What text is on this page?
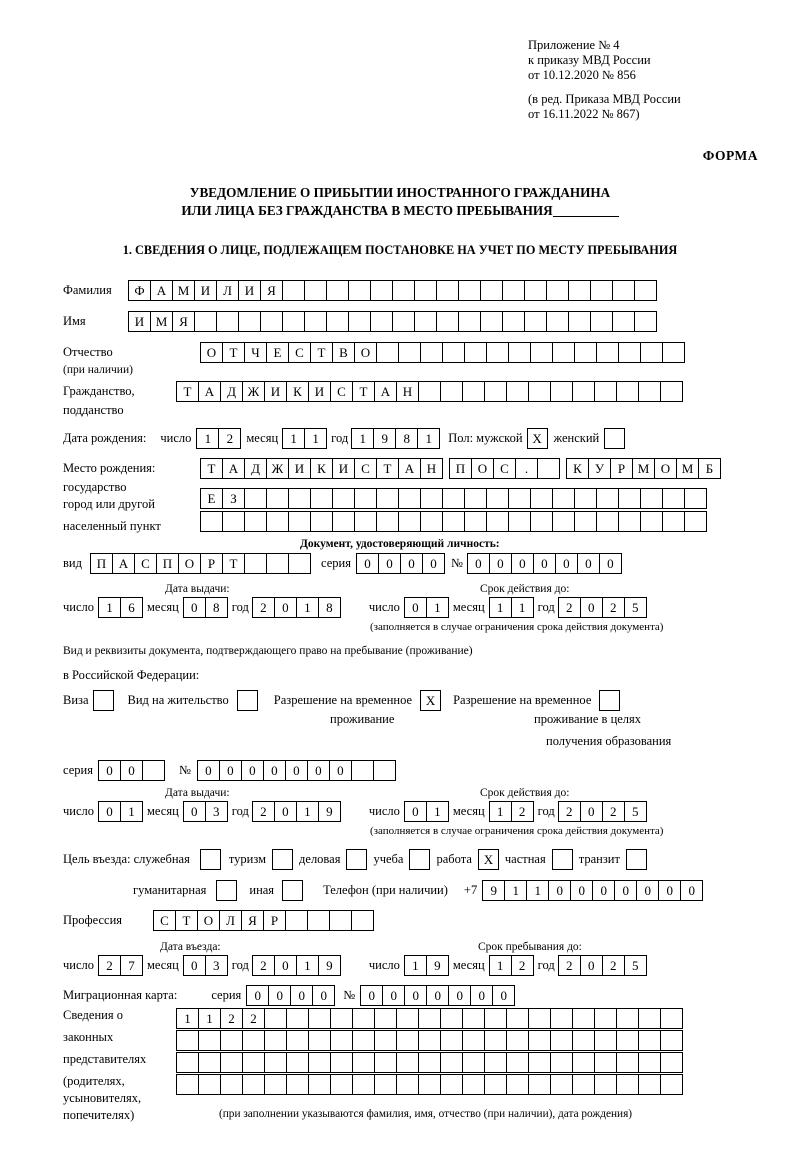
Приложение № 4
к приказу МВД России
от 10.12.2020 № 856
(в ред. Приказа МВД России
от 16.11.2022 № 867)
ФОРМА
УВЕДОМЛЕНИЕ О ПРИБЫТИИ ИНОСТРАННОГО ГРАЖДАНИНА
ИЛИ ЛИЦА БЕЗ ГРАЖДАНСТВА В МЕСТО ПРЕБЫВАНИЯ
1. СВЕДЕНИЯ О ЛИЦЕ, ПОДЛЕЖАЩЕМ ПОСТАНОВКЕ НА УЧЕТ ПО МЕСТУ ПРЕБЫВАНИЯ
Фамилия	Ф А М И Л И Я
Имя	И М Я
Отчество	О	Т	Ч	Е	С	Т	В О
(при наличии)
Гражданство,	Т	А Д Ж И К И С	Т	А Н
подданство
Дата рождения: число	1	2	месяц 1	1 год 1	9	8	1	Пол: мужской X женский
Место рождения:	Т	А Д Ж И К И С	Т	А Н	П О С	.	К	У	Р М О М Б
государство
Е	З
город или другой
населенный пункт
Документ, удостоверяющий личность:
вид	П А С П О	Р	Т	серия	0	0	0	0	№ 0	0	0	0	0	0	0
Дата выдачи:	Срок действия до:
число 1	6 месяц 0	8 год 2	0	1	8	число 0	1 месяц 1	1 год 2	0	2	5
(заполняется в случае ограничения срока действия документа)
Вид и реквизиты документа, подтверждающего право на пребывание (проживание)
в Российской Федерации:
Виза	Вид на жительство	Разрешение на временное	X	Разрешение на временное
проживание	проживание в целях
получения образования
серия	0	0	№	0	0	0	0	0	0	0
Дата выдачи:	Срок действия до:
число 0	1 месяц 0	3 год 2	0	1	9	число 0	1 месяц 1	2 год 2	0	2	5
(заполняется в случае ограничения срока действия документа)
Цель въезда: служебная	туризм	деловая	учеба	работа X частная	транзит
гуманитарная	иная	Телефон (при наличии) +7	9	1	1	0	0	0	0	0	0	0
Профессия	С	Т	О Л	Я	Р
Дата въезда:	Срок пребывания до:
число 2	7 месяц 0	3 год 2	0	1	9	число 1	9 месяц 1	2 год 2	0	2	5
Миграционная карта:	серия	0	0	0	0	№	0	0	0	0	0	0	0
Сведения о
законных
представителях
(родителях,
усыновителях,
попечителях)
1	1	2	2
(при заполнении указываются фамилия, имя, отчество (при наличии), дата рождения)
